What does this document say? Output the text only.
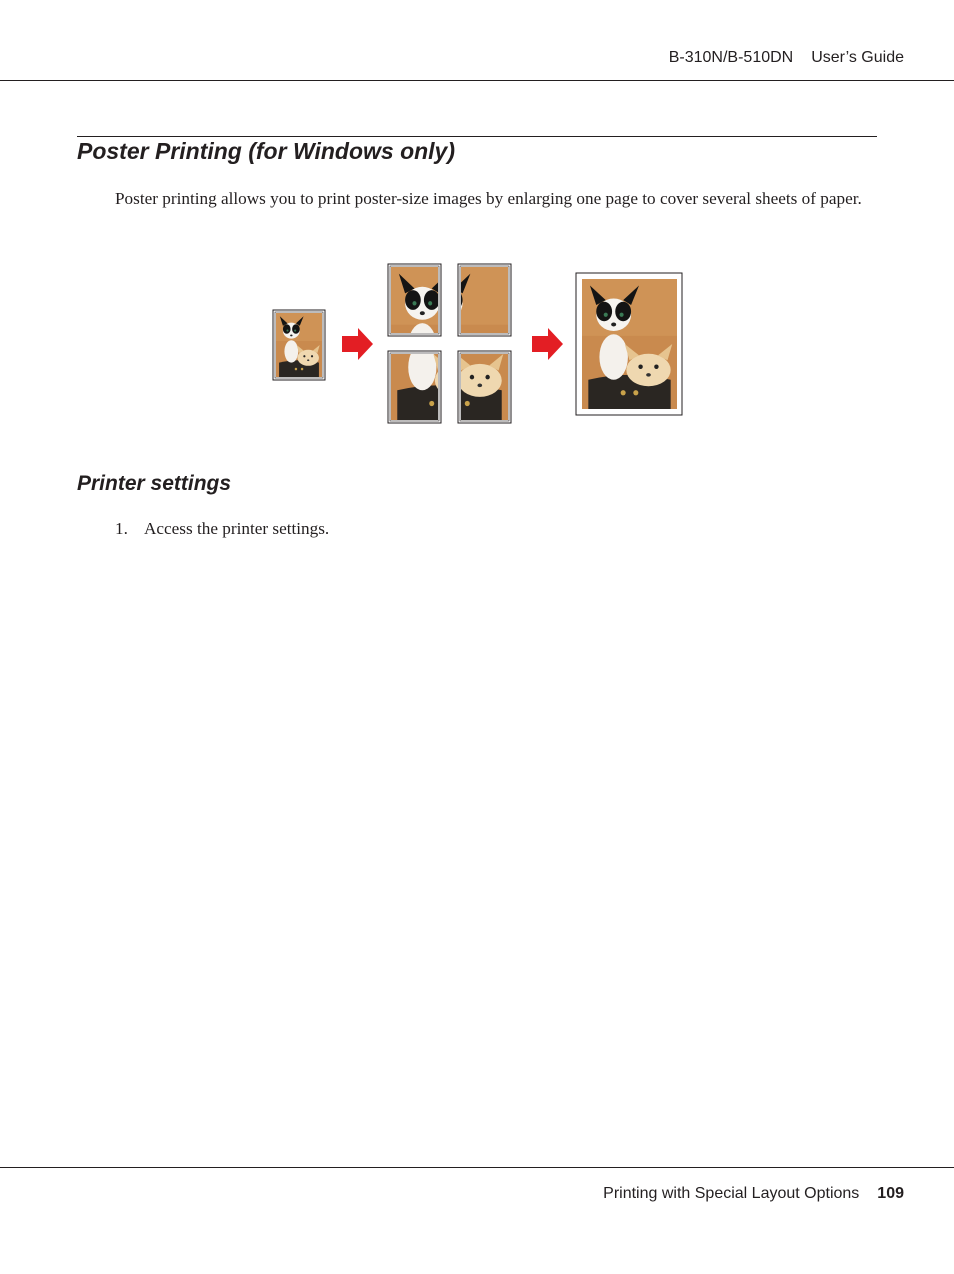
B-310N/B-510DN User’s Guide
Poster Printing (for Windows only)

Poster printing allows you to print poster-size images by enlarging one page to cover several sheets of paper.

Printer settings

1. Access the printer settings.

Printing with Special Layout Options 109
